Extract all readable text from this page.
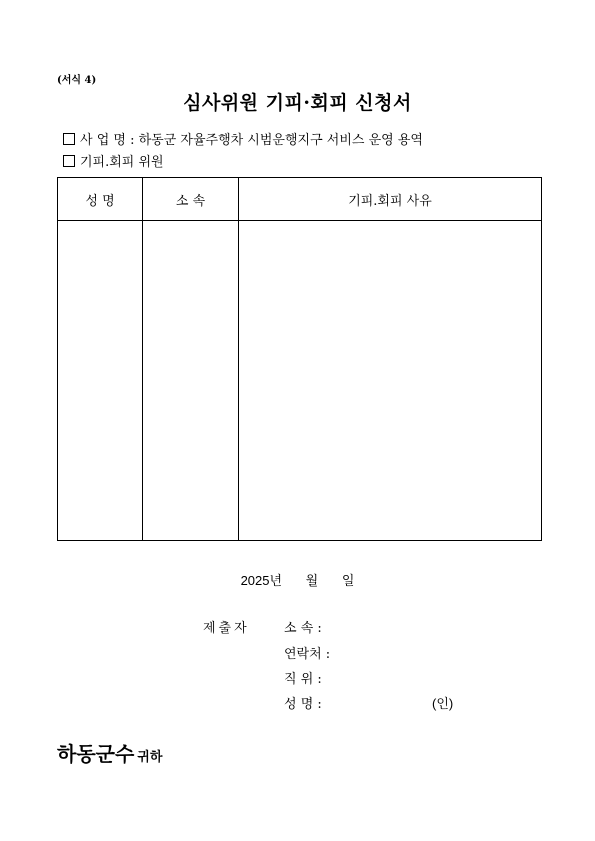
(서식 4)
심사위원 기피·회피 신청서
사 업 명 : 하동군 자율주행차 시범운행지구 서비스 운영 용역
기피.회피 위원
성 명	소 속	기피.회피 사유

2025년 월 일
제출자	소 속 :
연락처 :
직 위 :
성 명 :	(인)
하동군수 귀하
